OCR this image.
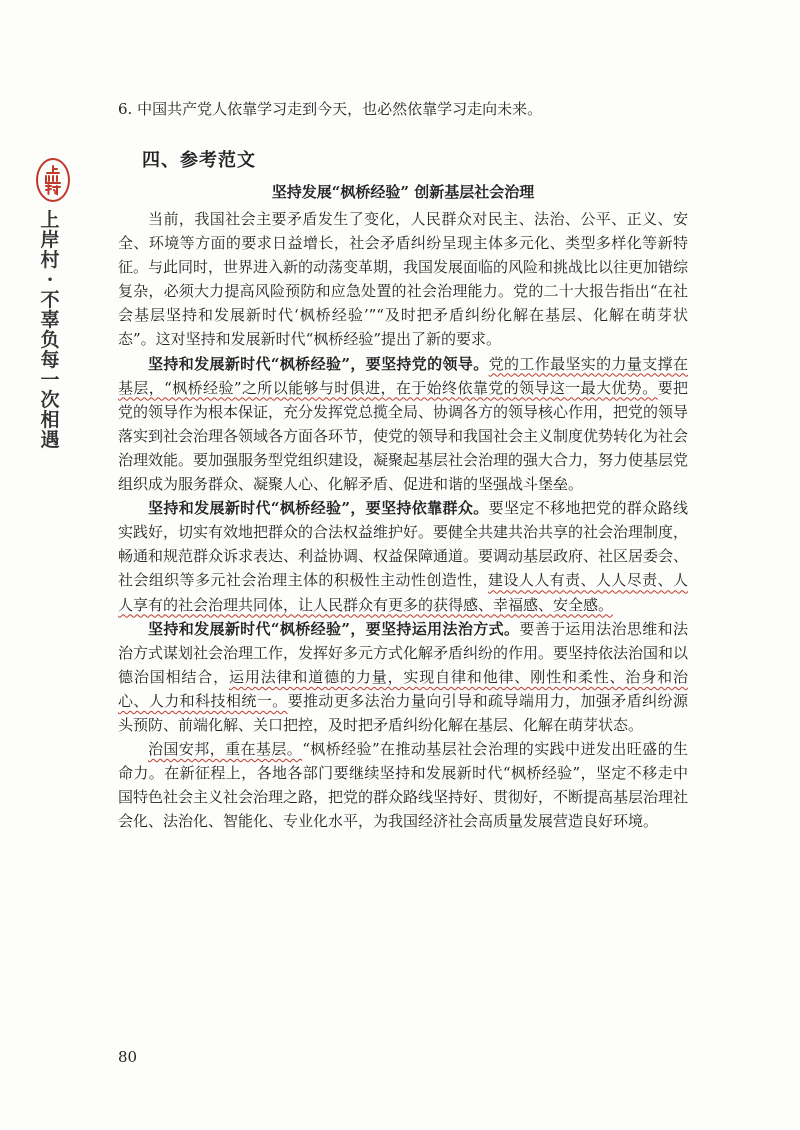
上岸村·不辜负每一次相遇

6. 中国共产党人依靠学习走到今天，也必然依靠学习走向未来。

四、参考范文
坚持发展“枫桥经验” 创新基层社会治理

当前，我国社会主要矛盾发生了变化，人民群众对民主、法治、公平、正义、安全、环境等方面的要求日益增长，社会矛盾纠纷呈现主体多元化、类型多样化等新特征。与此同时，世界进入新的动荡变革期，我国发展面临的风险和挑战比以往更加错综复杂，必须大力提高风险预防和应急处置的社会治理能力。党的二十大报告指出“在社会基层坚持和发展新时代‘枫桥经验’”“及时把矛盾纠纷化解在基层、化解在萌芽状态”。这对坚持和发展新时代“枫桥经验”提出了新的要求。

坚持和发展新时代“枫桥经验”，要坚持党的领导。党的工作最坚实的力量支撑在基层，“枫桥经验”之所以能够与时俱进，在于始终依靠党的领导这一最大优势。要把党的领导作为根本保证，充分发挥党总揽全局、协调各方的领导核心作用，把党的领导落实到社会治理各领域各方面各环节，使党的领导和我国社会主义制度优势转化为社会治理效能。要加强服务型党组织建设，凝聚起基层社会治理的强大合力，努力使基层党组织成为服务群众、凝聚人心、化解矛盾、促进和谐的坚强战斗堡垒。

坚持和发展新时代“枫桥经验”，要坚持依靠群众。要坚定不移地把党的群众路线实践好，切实有效地把群众的合法权益维护好。要健全共建共治共享的社会治理制度，畅通和规范群众诉求表达、利益协调、权益保障通道。要调动基层政府、社区居委会、社会组织等多元社会治理主体的积极性主动性创造性，建设人人有责、人人尽责、人人享有的社会治理共同体，让人民群众有更多的获得感、幸福感、安全感。

坚持和发展新时代“枫桥经验”，要坚持运用法治方式。要善于运用法治思维和法治方式谋划社会治理工作，发挥好多元方式化解矛盾纠纷的作用。要坚持依法治国和以德治国相结合，运用法律和道德的力量，实现自律和他律、刚性和柔性、治身和治心、人力和科技相统一。要推动更多法治力量向引导和疏导端用力，加强矛盾纠纷源头预防、前端化解、关口把控，及时把矛盾纠纷化解在基层、化解在萌芽状态。

治国安邦，重在基层。“枫桥经验”在推动基层社会治理的实践中迸发出旺盛的生命力。在新征程上，各地各部门要继续坚持和发展新时代“枫桥经验”，坚定不移走中国特色社会主义社会治理之路，把党的群众路线坚持好、贯彻好，不断提高基层治理社会化、法治化、智能化、专业化水平，为我国经济社会高质量发展营造良好环境。

80
